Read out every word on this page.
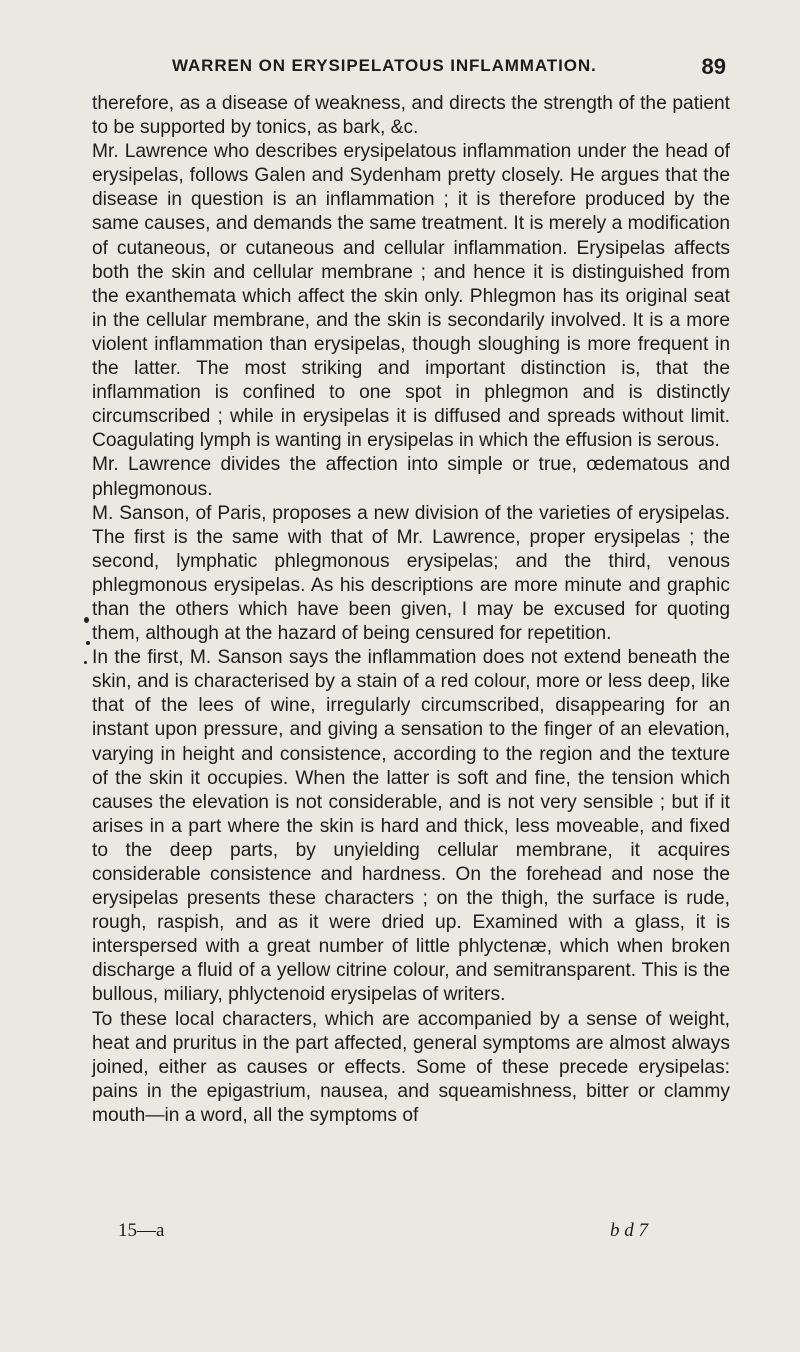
WARREN ON ERYSIPELATOUS INFLAMMATION.	89

therefore, as a disease of weakness, and directs the strength of the patient to be supported by tonics, as bark, &c.

Mr. Lawrence who describes erysipelatous inflammation under the head of erysipelas, follows Galen and Sydenham pretty closely. He argues that the disease in question is an inflammation ; it is therefore produced by the same causes, and demands the same treatment. It is merely a modification of cutaneous, or cutaneous and cellular inflammation. Erysipelas affects both the skin and cellular membrane ; and hence it is distinguished from the exanthemata which affect the skin only. Phlegmon has its original seat in the cellular membrane, and the skin is secondarily involved. It is a more violent inflammation than erysipelas, though sloughing is more frequent in the latter. The most striking and important distinction is, that the inflammation is confined to one spot in phlegmon and is distinctly circumscribed ; while in erysipelas it is diffused and spreads without limit. Coagulating lymph is wanting in erysipelas in which the effusion is serous.

Mr. Lawrence divides the affection into simple or true, œdematous and phlegmonous.

M. Sanson, of Paris, proposes a new division of the varieties of erysipelas. The first is the same with that of Mr. Lawrence, proper erysipelas ; the second, lymphatic phlegmonous erysipelas; and the third, venous phlegmonous erysipelas. As his descriptions are more minute and graphic than the others which have been given, I may be excused for quoting them, although at the hazard of being censured for repetition.

In the first, M. Sanson says the inflammation does not extend beneath the skin, and is characterised by a stain of a red colour, more or less deep, like that of the lees of wine, irregularly circumscribed, disappearing for an instant upon pressure, and giving a sensation to the finger of an elevation, varying in height and consistence, according to the region and the texture of the skin it occupies. When the latter is soft and fine, the tension which causes the elevation is not considerable, and is not very sensible ; but if it arises in a part where the skin is hard and thick, less moveable, and fixed to the deep parts, by unyielding cellular membrane, it acquires considerable consistence and hardness. On the forehead and nose the erysipelas presents these characters ; on the thigh, the surface is rude, rough, raspish, and as it were dried up. Examined with a glass, it is interspersed with a great number of little phlyctenæ, which when broken discharge a fluid of a yellow citrine colour, and semitransparent. This is the bullous, miliary, phlyctenoid erysipelas of writers.

To these local characters, which are accompanied by a sense of weight, heat and pruritus in the part affected, general symptoms are almost always joined, either as causes or effects. Some of these precede erysipelas: pains in the epigastrium, nausea, and squeamishness, bitter or clammy mouth—in a word, all the symptoms of

15—a	b d 7
